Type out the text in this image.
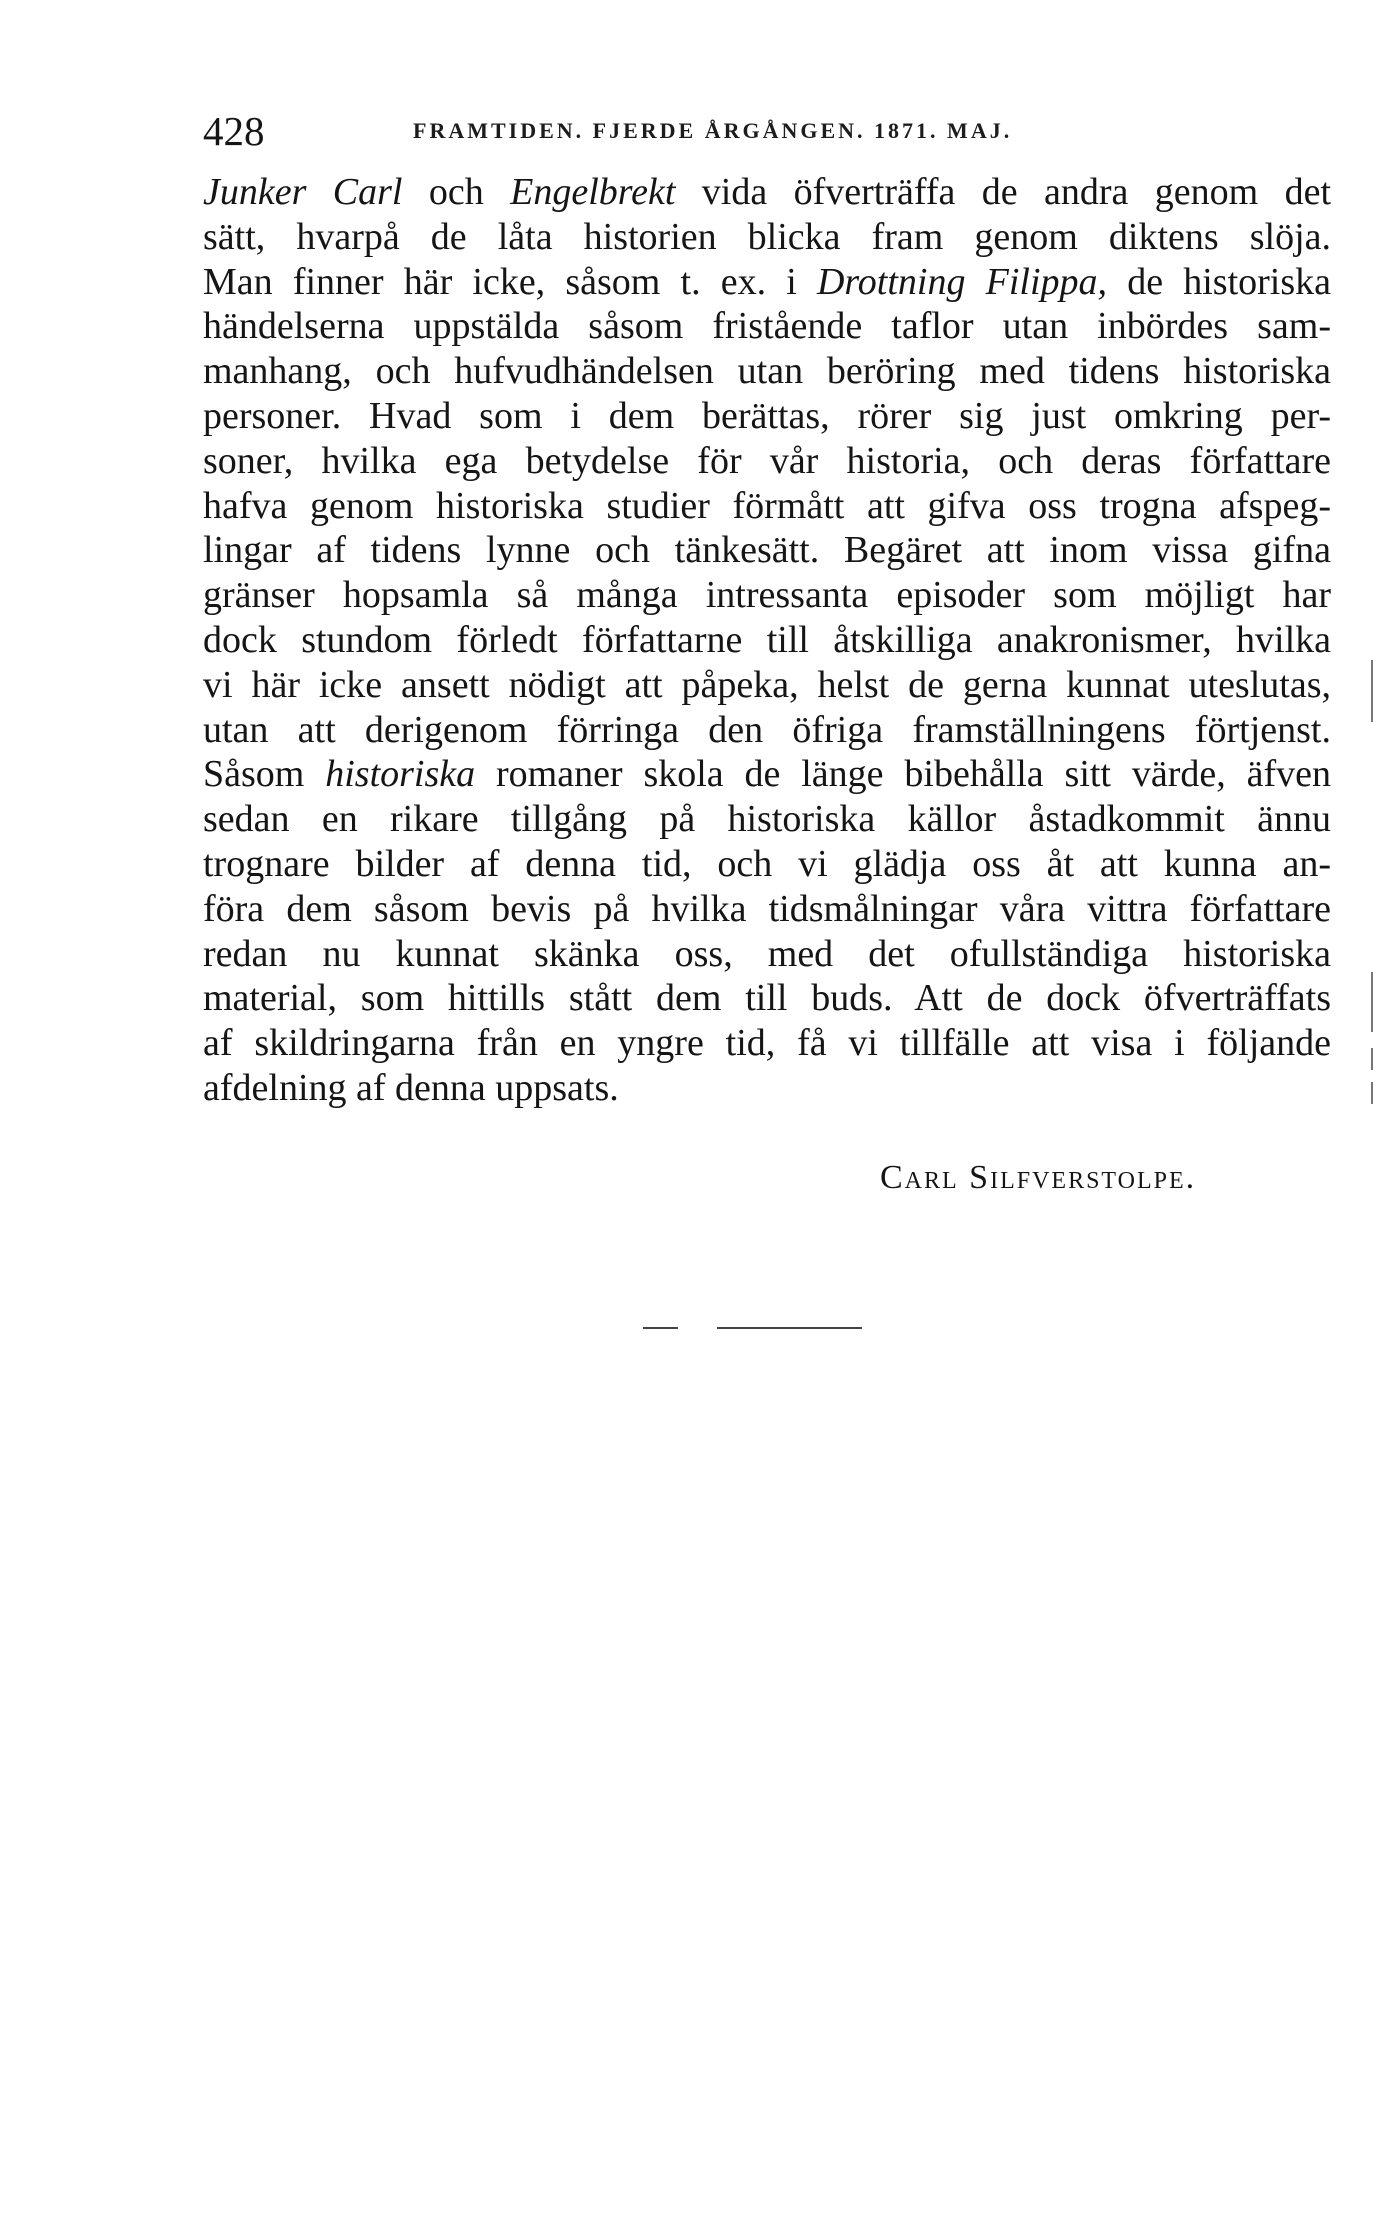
428	FRAMTIDEN. FJERDE ÅRGÅNGEN. 1871. MAJ.
Junker Carl och Engelbrekt vida öfverträffa de andra genom det
sätt, hvarpå de låta historien blicka fram genom diktens slöja.
Man finner här icke, såsom t. ex. i Drottning Filippa, de historiska
händelserna uppstälda såsom fristående taflor utan inbördes sam-
manhang, och hufvudhändelsen utan beröring med tidens historiska
personer. Hvad som i dem berättas, rörer sig just omkring per-
soner, hvilka ega betydelse för vår historia, och deras författare
hafva genom historiska studier förmått att gifva oss trogna afspeg-
lingar af tidens lynne och tänkesätt. Begäret att inom vissa gifna
gränser hopsamla så många intressanta episoder som möjligt har
dock stundom förledt författarne till åtskilliga anakronismer, hvilka
vi här icke ansett nödigt att påpeka, helst de gerna kunnat uteslutas,
utan att derigenom förringa den öfriga framställningens förtjenst.
Såsom historiska romaner skola de länge bibehålla sitt värde, äfven
sedan en rikare tillgång på historiska källor åstadkommit ännu
trognare bilder af denna tid, och vi glädja oss åt att kunna an-
föra dem såsom bevis på hvilka tidsmålningar våra vittra författare
redan nu kunnat skänka oss, med det ofullständiga historiska
material, som hittills stått dem till buds. Att de dock öfverträffats
af skildringarna från en yngre tid, få vi tillfälle att visa i följande
afdelning af denna uppsats.
Carl Silfverstolpe.
